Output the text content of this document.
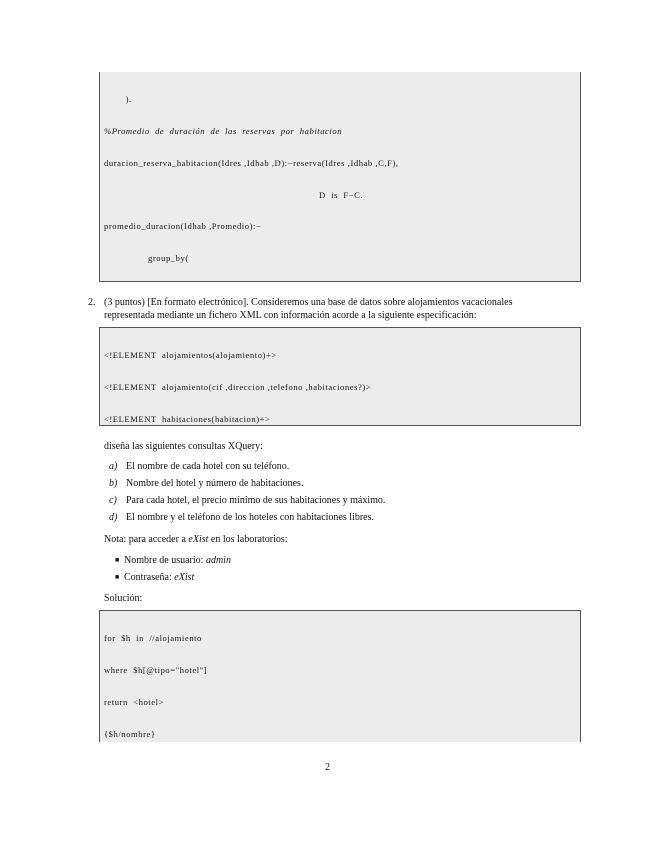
).

%Promedio  de  duración  de  las  reservas  por  habitacion

duracion_reserva_habitacion(Idres ,Idhab ,D):−reserva(Idres ,Idhab ,C,F),

D  is  F−C.

promedio_duracion(Idhab ,Promedio):−

group_by(

2. (3 puntos) [En formato electrónico]. Consideremos una base de datos sobre alojamientos vacacionales
representada mediante un fichero XML con información acorde a la siguiente especificación:

<!ELEMENT  alojamientos(alojamiento)+>

<!ELEMENT  alojamiento(cif ,direccion ,telefono ,habitaciones?)>

<!ELEMENT  habitaciones(habitacion)+>

diseña las siguientes consultas XQuery:
a) El nombre de cada hotel con su teléfono.
b) Nombre del hotel y número de habitaciones.
c) Para cada hotel, el precio mínimo de sus habitaciones y máximo.
d) El nombre y el teléfono de los hoteles con habitaciones libres.
Nota: para acceder a eXist en los laboratorios:
■ Nombre de usuario: admin
■ Contraseña: eXist
Solución:

for  $h  in  //alojamiento

where  $h[@tipo="hotel"]

return  <hotel>

{$h/nombre}

2
